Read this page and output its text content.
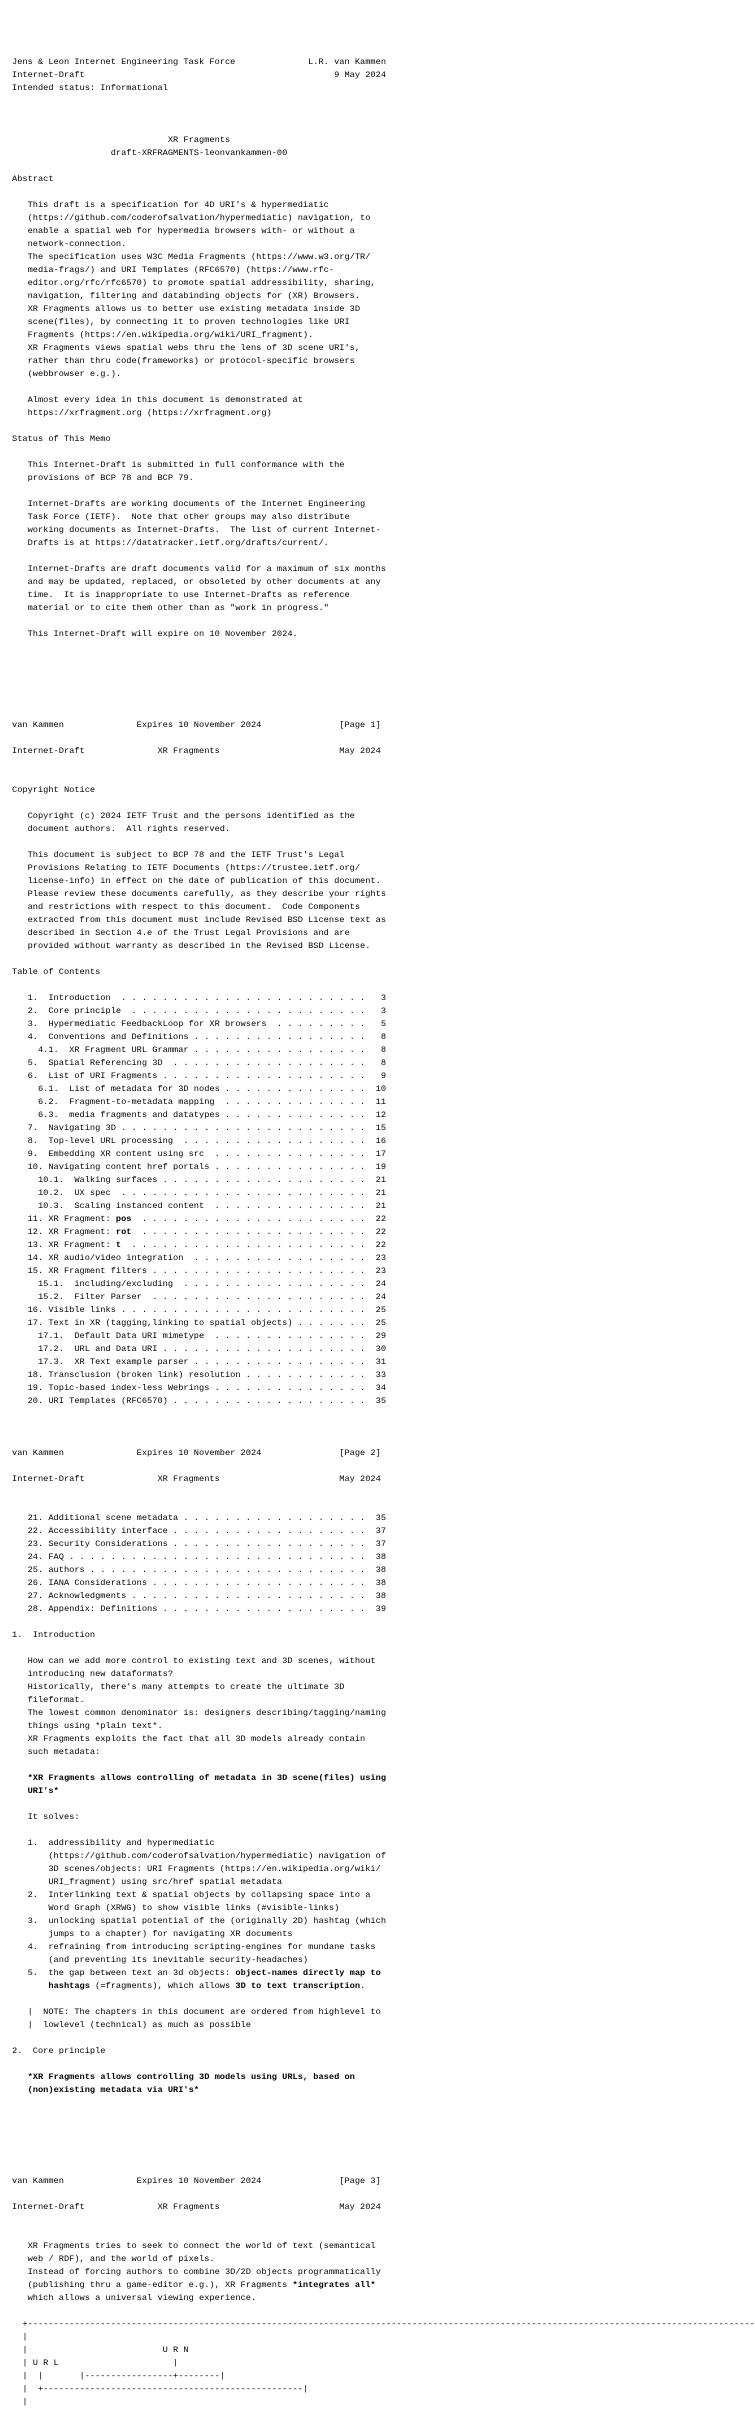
Jens & Leon Internet Engineering Task Force              L.R. van Kammen
Internet-Draft                                                9 May 2024
Intended status: Informational
XR Fragments
draft-XRFRAGMENTS-leonvankammen-00
Abstract
This draft is a specification for 4D URI's & hypermediatic
(https://github.com/coderofsalvation/hypermediatic) navigation, to
enable a spatial web for hypermedia browsers with- or without a
network-connection.
The specification uses W3C Media Fragments (https://www.w3.org/TR/
media-frags/) and URI Templates (RFC6570) (https://www.rfc-
editor.org/rfc/rfc6570) to promote spatial addressibility, sharing,
navigation, filtering and databinding objects for (XR) Browsers.
XR Fragments allows us to better use existing metadata inside 3D
scene(files), by connecting it to proven technologies like URI
Fragments (https://en.wikipedia.org/wiki/URI_fragment).
XR Fragments views spatial webs thru the lens of 3D scene URI's,
rather than thru code(frameworks) or protocol-specific browsers
(webbrowser e.g.).
Almost every idea in this document is demonstrated at
https://xrfragment.org (https://xrfragment.org)
Status of This Memo
This Internet-Draft is submitted in full conformance with the
provisions of BCP 78 and BCP 79.
Internet-Drafts are working documents of the Internet Engineering
Task Force (IETF).  Note that other groups may also distribute
working documents as Internet-Drafts.  The list of current Internet-
Drafts is at https://datatracker.ietf.org/drafts/current/.
Internet-Drafts are draft documents valid for a maximum of six months
and may be updated, replaced, or obsoleted by other documents at any
time.  It is inappropriate to use Internet-Drafts as reference
material or to cite them other than as "work in progress."
This Internet-Draft will expire on 10 November 2024.
van Kammen              Expires 10 November 2024               [Page 1]
Internet-Draft              XR Fragments                       May 2024
Copyright Notice
Copyright (c) 2024 IETF Trust and the persons identified as the
document authors.  All rights reserved.
This document is subject to BCP 78 and the IETF Trust's Legal
Provisions Relating to IETF Documents (https://trustee.ietf.org/
license-info) in effect on the date of publication of this document.
Please review these documents carefully, as they describe your rights
and restrictions with respect to this document.  Code Components
extracted from this document must include Revised BSD License text as
described in Section 4.e of the Trust Legal Provisions and are
provided without warranty as described in the Revised BSD License.
Table of Contents
1.  Introduction  . . . . . . . . . . . . . . . . . . . . . . . .   3
2.  Core principle  . . . . . . . . . . . . . . . . . . . . . . .   3
3.  Hypermediatic FeedbackLoop for XR browsers  . . . . . . . . .   5
4.  Conventions and Definitions . . . . . . . . . . . . . . . . .   8
4.1.  XR Fragment URL Grammar . . . . . . . . . . . . . . . . .   8
5.  Spatial Referencing 3D  . . . . . . . . . . . . . . . . . . .   8
6.  List of URI Fragments . . . . . . . . . . . . . . . . . . . .   9
6.1.  List of metadata for 3D nodes . . . . . . . . . . . . . .  10
6.2.  Fragment-to-metadata mapping  . . . . . . . . . . . . . .  11
6.3.  media fragments and datatypes . . . . . . . . . . . . . .  12
7.  Navigating 3D . . . . . . . . . . . . . . . . . . . . . . . .  15
8.  Top-level URL processing  . . . . . . . . . . . . . . . . . .  16
9.  Embedding XR content using src  . . . . . . . . . . . . . . .  17
10. Navigating content href portals . . . . . . . . . . . . . . .  19
10.1.  Walking surfaces . . . . . . . . . . . . . . . . . . . .  21
10.2.  UX spec  . . . . . . . . . . . . . . . . . . . . . . . .  21
10.3.  Scaling instanced content  . . . . . . . . . . . . . . .  21
11. XR Fragment: pos  . . . . . . . . . . . . . . . . . . . . . .  22
12. XR Fragment: rot  . . . . . . . . . . . . . . . . . . . . . .  22
13. XR Fragment: t  . . . . . . . . . . . . . . . . . . . . . . .  22
14. XR audio/video integration  . . . . . . . . . . . . . . . . .  23
15. XR Fragment filters . . . . . . . . . . . . . . . . . . . . .  23
15.1.  including/excluding  . . . . . . . . . . . . . . . . . .  24
15.2.  Filter Parser  . . . . . . . . . . . . . . . . . . . . .  24
16. Visible links . . . . . . . . . . . . . . . . . . . . . . . .  25
17. Text in XR (tagging,linking to spatial objects) . . . . . . .  25
17.1.  Default Data URI mimetype  . . . . . . . . . . . . . . .  29
17.2.  URL and Data URI . . . . . . . . . . . . . . . . . . . .  30
17.3.  XR Text example parser . . . . . . . . . . . . . . . . .  31
18. Transclusion (broken link) resolution . . . . . . . . . . . .  33
19. Topic-based index-less Webrings . . . . . . . . . . . . . . .  34
20. URI Templates (RFC6570) . . . . . . . . . . . . . . . . . . .  35
van Kammen              Expires 10 November 2024               [Page 2]
Internet-Draft              XR Fragments                       May 2024
21. Additional scene metadata . . . . . . . . . . . . . . . . . .  35
22. Accessibility interface . . . . . . . . . . . . . . . . . . .  37
23. Security Considerations . . . . . . . . . . . . . . . . . . .  37
24. FAQ . . . . . . . . . . . . . . . . . . . . . . . . . . . . .  38
25. authors . . . . . . . . . . . . . . . . . . . . . . . . . . .  38
26. IANA Considerations . . . . . . . . . . . . . . . . . . . . .  38
27. Acknowledgments . . . . . . . . . . . . . . . . . . . . . . .  38
28. Appendix: Definitions . . . . . . . . . . . . . . . . . . . .  39
1.  Introduction
How can we add more control to existing text and 3D scenes, without
introducing new dataformats?
Historically, there's many attempts to create the ultimate 3D
fileformat.
The lowest common denominator is: designers describing/tagging/naming
things using *plain text*.
XR Fragments exploits the fact that all 3D models already contain
such metadata:
*XR Fragments allows controlling of metadata in 3D scene(files) using
URI's*
It solves:
1.  addressibility and hypermediatic
(https://github.com/coderofsalvation/hypermediatic) navigation of
3D scenes/objects: URI Fragments (https://en.wikipedia.org/wiki/
URI_fragment) using src/href spatial metadata
2.  Interlinking text & spatial objects by collapsing space into a
Word Graph (XRWG) to show visible links (#visible-links)
3.  unlocking spatial potential of the (originally 2D) hashtag (which
jumps to a chapter) for navigating XR documents
4.  refraining from introducing scripting-engines for mundane tasks
(and preventing its inevitable security-headaches)
5.  the gap between text an 3d objects: object-names directly map to
hashtags (=fragments), which allows 3D to text transcription.
|  NOTE: The chapters in this document are ordered from highlevel to
|  lowlevel (technical) as much as possible
2.  Core principle
*XR Fragments allows controlling 3D models using URLs, based on
(non)existing metadata via URI's*
van Kammen              Expires 10 November 2024               [Page 3]
Internet-Draft              XR Fragments                       May 2024
XR Fragments tries to seek to connect the world of text (semantical
web / RDF), and the world of pixels.
Instead of forcing authors to combine 3D/2D objects programmatically
(publishing thru a game-editor e.g.), XR Fragments *integrates all*
which allows a universal viewing experience.
+--------------------------------------------------------------------------------------------------------------------------------------------
|
|                          U R N
| U R L                      |
|  |       |-----------------+--------|
|  +--------------------------------------------------|
|
